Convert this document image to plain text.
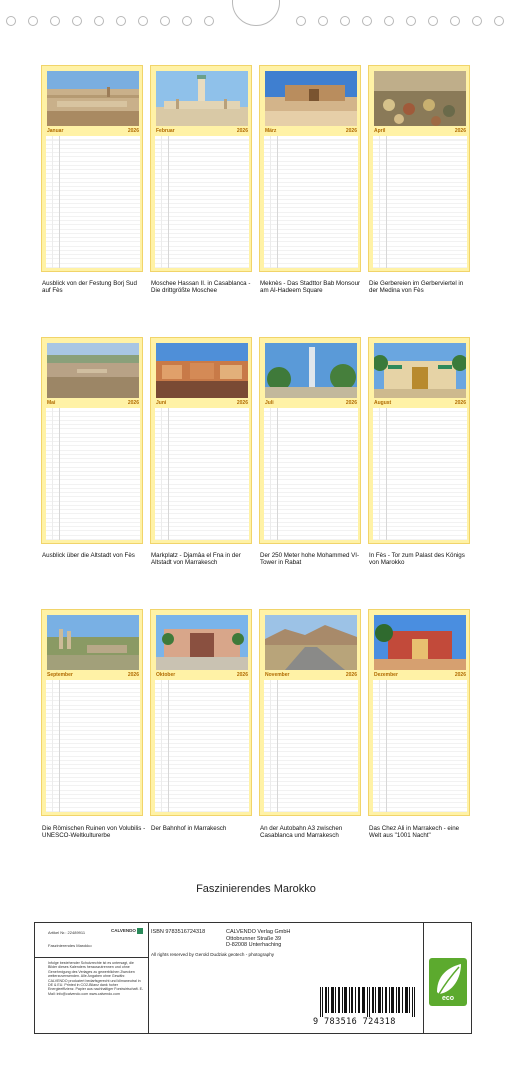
Januar	2026
Ausblick von der Festung Borj Sud auf Fès
Februar	2026
Moschee Hassan II. in Casablanca - Die drittgrößte Moschee
März	2026
Meknès - Das Stadttor Bab Monsour am Al-Hadeem Square
April	2026
Die Gerbereien im Gerberviertel in der Medina von Fès
Mai	2026
Ausblick über die Altstadt von Fès
Juni	2026
Markplatz - Djamâa el Fna in der Altstadt von Marrakesch
Juli	2026
Der 250 Meter hohe Mohammed VI-Tower in Rabat
August	2026
In Fès - Tor zum Palast des Königs von Marokko
September	2026
Die Römischen Ruinen von Volubilis - UNESCO-Weltkulturerbe
Oktober	2026
Der Bahnhof in Marrakesch
November	2026
An der Autobahn A3 zwischen Casablanca und Marrakesch
Dezember	2026
Das Chez Ali in Marrakech - eine Welt aus "1001 Nacht"
Faszinierendes Marokko
Artikel Nr.: 22489911	CALVENDO
Faszinierendes Marokko
Infolge bestehender Schutzrechte ist es untersagt, die Bilder dieses Kalenders herauszutrennen und ohne Genehmigung des Verlages zu gewerblichen Zwecken weiterzuverwenden. Alle Angaben ohne Gewähr. CALVENDO produziert bedarfsgerecht und klimaneutral in DE & EU. Printed in CO2-Bilanz dank hoher Energieeffizienz. Papier aus nachhaltiger Forstwirtschaft. E-Mail: info@calvendo.com www.calvendo.com
ISBN 9783516724318	CALVENDO Verlag GmbH
Ottobrunner Straße 39
D-82008 Unterhaching
All rights reserved by Gerold Dudziak geotech - photography
9 783516 724318
eco
